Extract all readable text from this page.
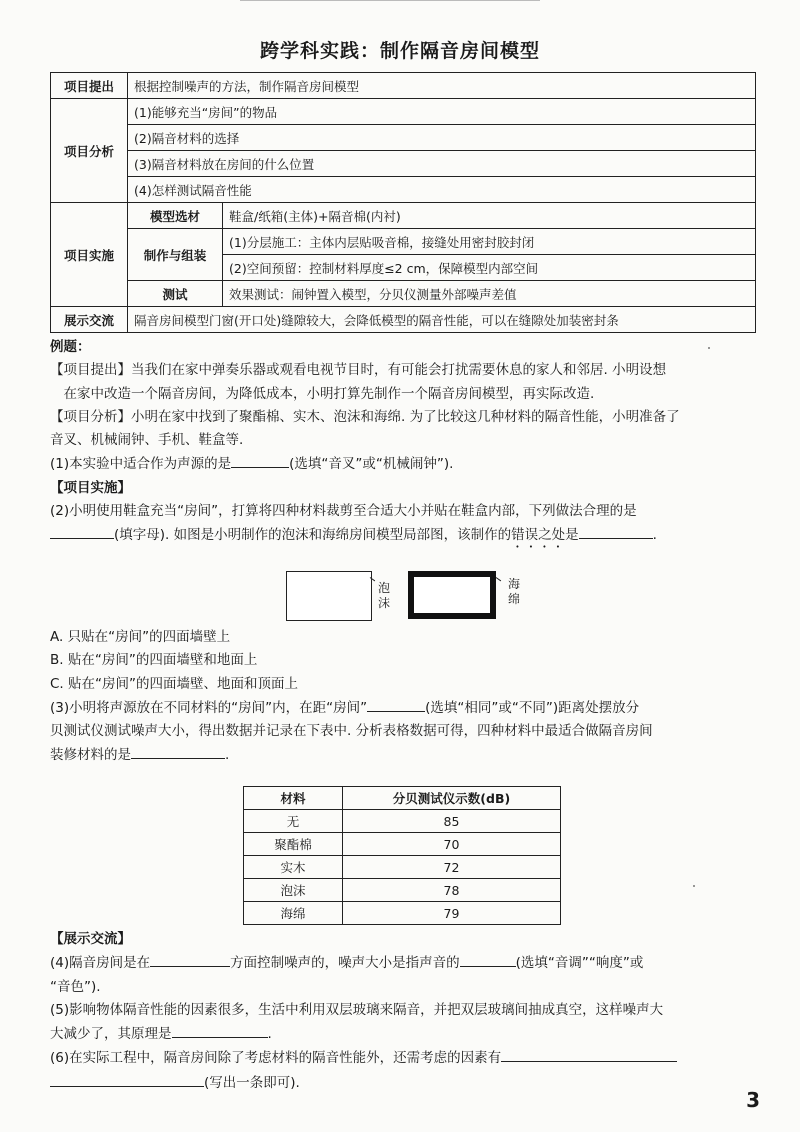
跨学科实践：制作隔音房间模型
项目提出	根据控制噪声的方法，制作隔音房间模型	
项目分析	(1)能够充当“房间”的物品	
	(2)隔音材料的选择	
	(3)隔音材料放在房间的什么位置	
	(4)怎样测试隔音性能	
项目实施	模型选材	鞋盒/纸箱(主体)+隔音棉(内衬)
	制作与组装	(1)分层施工：主体内层贴吸音棉，接缝处用密封胶封闭
		(2)空间预留：控制材料厚度≤2 cm，保障模型内部空间
	测试	效果测试：闹钟置入模型，分贝仪测量外部噪声差值
展示交流	隔音房间模型门窗(开口处)缝隙较大，会降低模型的隔音性能，可以在缝隙处加装密封条	
例题：
【项目提出】当我们在家中弹奏乐器或观看电视节目时，有可能会打扰需要休息的家人和邻居. 小明设想
在家中改造一个隔音房间，为降低成本，小明打算先制作一个隔音房间模型，再实际改造.
【项目分析】小明在家中找到了聚酯棉、实木、泡沫和海绵. 为了比较这几种材料的隔音性能，小明准备了
音叉、机械闹钟、手机、鞋盒等.
(1)本实验中适合作为声源的是	(选填“音叉”或“机械闹钟”).
【项目实施】
(2)小明使用鞋盒充当“房间”，打算将四种材料裁剪至合适大小并贴在鞋盒内部，下列做法合理的是
(填字母). 如图是小明制作的泡沫和海绵房间模型局部图，该制作的错误之处是	.
泡沫
海绵
A. 只贴在“房间”的四面墙壁上
B. 贴在“房间”的四面墙壁和地面上
C. 贴在“房间”的四面墙壁、地面和顶面上
(3)小明将声源放在不同材料的“房间”内，在距“房间”	(选填“相同”或“不同”)距离处摆放分
贝测试仪测试噪声大小，得出数据并记录在下表中. 分析表格数据可得，四种材料中最适合做隔音房间
装修材料的是	.
材料	分贝测试仪示数(dB)
无	85
聚酯棉	70
实木	72
泡沫	78
海绵	79
【展示交流】
(4)隔音房间是在	方面控制噪声的，噪声大小是指声音的	(选填“音调”“响度”或
“音色”).
(5)影响物体隔音性能的因素很多，生活中利用双层玻璃来隔音，并把双层玻璃间抽成真空，这样噪声大
大减少了，其原理是	.
(6)在实际工程中，隔音房间除了考虑材料的隔音性能外，还需考虑的因素有
(写出一条即可).
3
